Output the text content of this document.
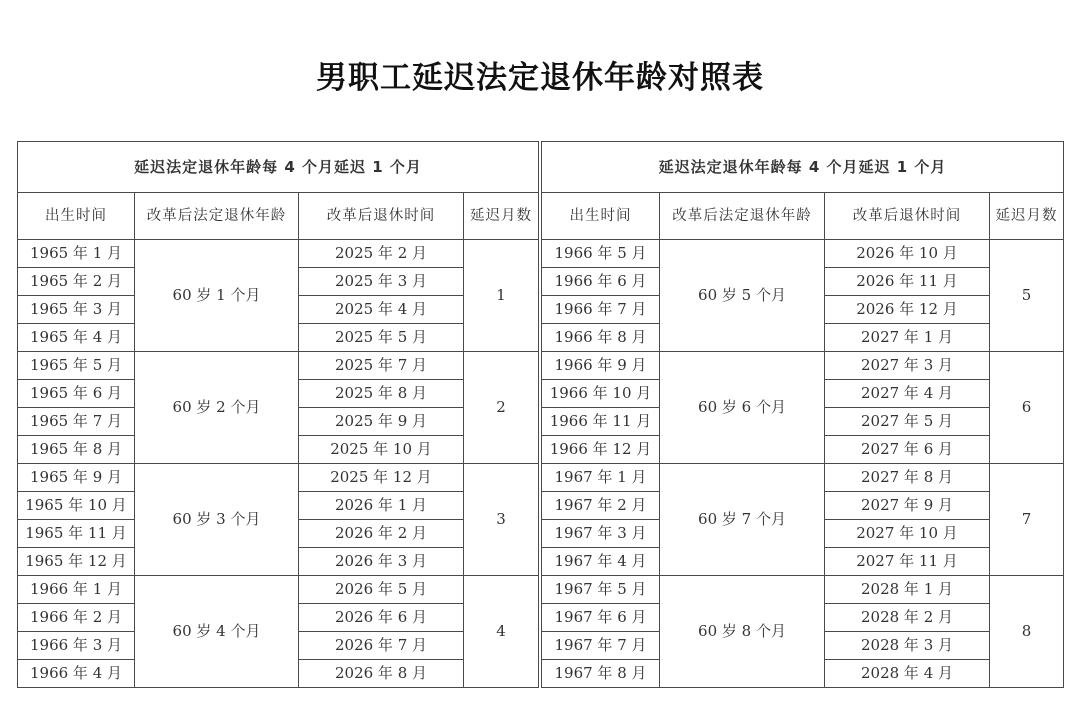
男职工延迟法定退休年龄对照表
延迟法定退休年龄每 4 个月延迟 1 个月			
出生时间	改革后法定退休年龄	改革后退休时间	延迟月数
1965 年 1 月	60 岁 1 个月	2025 年 2 月	1
1965 年 2 月		2025 年 3 月	
1965 年 3 月		2025 年 4 月	
1965 年 4 月		2025 年 5 月	
1965 年 5 月	60 岁 2 个月	2025 年 7 月	2
1965 年 6 月		2025 年 8 月	
1965 年 7 月		2025 年 9 月	
1965 年 8 月		2025 年 10 月	
1965 年 9 月	60 岁 3 个月	2025 年 12 月	3
1965 年 10 月		2026 年 1 月	
1965 年 11 月		2026 年 2 月	
1965 年 12 月		2026 年 3 月	
1966 年 1 月	60 岁 4 个月	2026 年 5 月	4
1966 年 2 月		2026 年 6 月	
1966 年 3 月		2026 年 7 月	
1966 年 4 月		2026 年 8 月	
延迟法定退休年龄每 4 个月延迟 1 个月			
出生时间	改革后法定退休年龄	改革后退休时间	延迟月数
1966 年 5 月	60 岁 5 个月	2026 年 10 月	5
1966 年 6 月		2026 年 11 月	
1966 年 7 月		2026 年 12 月	
1966 年 8 月		2027 年 1 月	
1966 年 9 月	60 岁 6 个月	2027 年 3 月	6
1966 年 10 月		2027 年 4 月	
1966 年 11 月		2027 年 5 月	
1966 年 12 月		2027 年 6 月	
1967 年 1 月	60 岁 7 个月	2027 年 8 月	7
1967 年 2 月		2027 年 9 月	
1967 年 3 月		2027 年 10 月	
1967 年 4 月		2027 年 11 月	
1967 年 5 月	60 岁 8 个月	2028 年 1 月	8
1967 年 6 月		2028 年 2 月	
1967 年 7 月		2028 年 3 月	
1967 年 8 月		2028 年 4 月	
